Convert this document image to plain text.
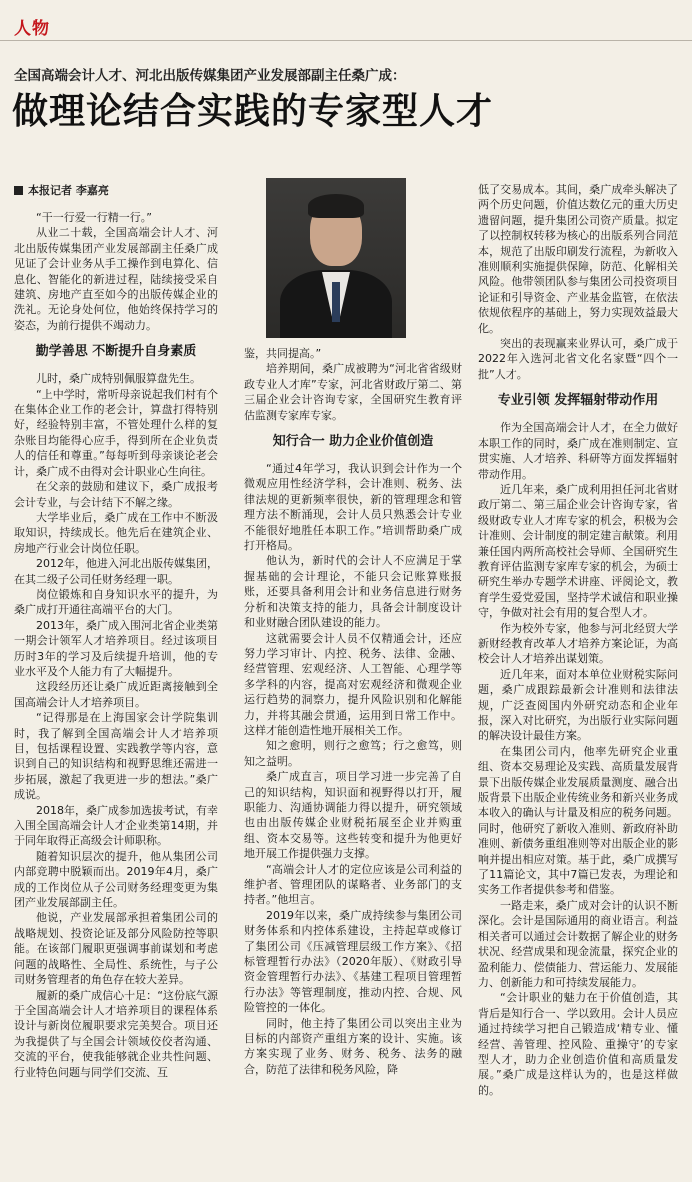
人物
全国高端会计人才、河北出版传媒集团产业发展部副主任桑广成：
做理论结合实践的专家型人才
本报记者 李嘉亮

“干一行爱一行精一行。”

从业二十载，全国高端会计人才、河北出版传媒集团产业发展部副主任桑广成见证了会计业务从手工操作到电算化、信息化、智能化的新进过程，陆续接受采自建筑、房地产直至如今的出版传媒企业的洗礼。无论身处何位，他始终保持学习的姿态，为前行提供不竭动力。

勤学善思 不断提升自身素质

儿时，桑广成特别佩服算盘先生。

“上中学时，常听母亲说起我们村有个在集体企业工作的老会计，算盘打得特别好，经验特别丰富，不管处理什么样的复杂账目均能得心应手，得到所在企业负责人的信任和尊重。”每每听到母亲谈论老会计，桑广成不由得对会计职业心生向往。

在父亲的鼓励和建议下，桑广成报考会计专业，与会计结下不解之缘。

大学毕业后，桑广成在工作中不断汲取知识，持续成长。他先后在建筑企业、房地产行业会计岗位任职。

2012年，他进入河北出版传媒集团，在其二级子公司任财务经理一职。

岗位锻炼和自身知识水平的提升，为桑广成打开通往高端平台的大门。

2013年，桑广成入围河北省企业类第一期会计领军人才培养项目。经过该项目历时3年的学习及后续提升培训，他的专业水平及个人能力有了大幅提升。

这段经历还让桑广成近距离接触到全国高端会计人才培养项目。

“记得那是在上海国家会计学院集训时，我了解到全国高端会计人才培养项目，包括课程设置、实践教学等内容，意识到自己的知识结构和视野思维还需进一步拓展，激起了我更进一步的想法。”桑广成说。

2018年，桑广成参加选拔考试，有幸入围全国高端会计人才企业类第14期，并于同年取得正高级会计师职称。

随着知识层次的提升，他从集团公司内部竞聘中脱颖而出。2019年4月，桑广成的工作岗位从子公司财务经理变更为集团产业发展部副主任。

他说，产业发展部承担着集团公司的战略规划、投资论证及部分风险防控等职能。在该部门履职更强调事前谋划和考虑问题的战略性、全局性、系统性，与子公司财务管理者的角色存在较大差异。

履新的桑广成信心十足：“这份底气源于全国高端会计人才培养项目的课程体系设计与新岗位履职要求完美契合。项目还为我提供了与全国会计领域佼佼者沟通、交流的平台，使我能够就企业共性问题、行业特色问题与同学们交流、互

鉴，共同提高。”

培养期间，桑广成被聘为“河北省省级财政专业人才库”专家，河北省财政厅第二、第三届企业会计咨询专家，全国研究生教育评估监测专家库专家。

知行合一 助力企业价值创造

“通过4年学习，我认识到会计作为一个微观应用性经济学科，会计准则、税务、法律法规的更新频率很快，新的管理理念和管理方法不断涌现，会计人员只熟悉会计专业不能很好地胜任本职工作。”培训帮助桑广成打开格局。

他认为，新时代的会计人不应满足于掌握基础的会计理论，不能只会记账算账报账，还要具备利用会计和业务信息进行财务分析和决策支持的能力，具备会计制度设计和业财融合团队建设的能力。

这就需要会计人员不仅精通会计，还应努力学习审计、内控、税务、法律、金融、经营管理、宏观经济、人工智能、心理学等多学科的内容，提高对宏观经济和微观企业运行趋势的洞察力，提升风险识别和化解能力，并将其融会贯通，运用到日常工作中。这样才能创造性地开展相关工作。

知之愈明，则行之愈笃；行之愈笃，则知之益明。

桑广成直言，项目学习进一步完善了自己的知识结构，知识面和视野得以打开，履职能力、沟通协调能力得以提升，研究领域也由出版传媒企业财税拓展至企业并购重组、资本交易等。这些转变和提升为他更好地开展工作提供强力支撑。

“高端会计人才的定位应该是公司利益的维护者、管理团队的谋略者、业务部门的支持者。”他坦言。

2019年以来，桑广成持续参与集团公司财务体系和内控体系建设，主持起草或修订了集团公司《压减管理层级工作方案》、《招标管理暂行办法》（2020年版）、《财政引导资金管理暂行办法》、《基建工程项目管理暂行办法》等管理制度，推动内控、合规、风险管控的一体化。

同时，他主持了集团公司以突出主业为目标的内部资产重组方案的设计、实施。该方案实现了业务、财务、税务、法务的融合，防范了法律和税务风险，降

低了交易成本。其间，桑广成牵头解决了两个历史问题，价值达数亿元的重大历史遗留问题，提升集团公司资产质量。拟定了以控制权转移为核心的出版系列合同范本，规范了出版印刷发行流程，为新收入准则顺利实施提供保障，防范、化解相关风险。他带领团队参与集团公司投资项目论证和引导资金、产业基金监管，在依法依规依程序的基础上，努力实现效益最大化。

突出的表现赢来业界认可，桑广成于2022年入选河北省文化名家暨“四个一批”人才。

专业引领 发挥辐射带动作用

作为全国高端会计人才，在全力做好本职工作的同时，桑广成在准则制定、宣贯实施、人才培养、科研等方面发挥辐射带动作用。

近几年来，桑广成利用担任河北省财政厅第二、第三届企业会计咨询专家，省级财政专业人才库专家的机会，积极为会计准则、会计制度的制定建言献策。利用兼任国内两所高校社会导师、全国研究生教育评估监测专家库专家的机会，为硕士研究生举办专题学术讲座、评阅论文，教育学生爱党爱国，坚持学术诚信和职业操守，争做对社会有用的复合型人才。

作为校外专家，他参与河北经贸大学新财经教育改革人才培养方案论证，为高校会计人才培养出谋划策。

近几年来，面对本单位业财税实际问题，桑广成跟踪最新会计准则和法律法规，广泛查阅国内外研究动态和企业年报，深入对比研究，为出版行业实际问题的解决设计最佳方案。

在集团公司内，他率先研究企业重组、资本交易理论及实践、高质量发展背景下出版传媒企业发展质量测度、融合出版背景下出版企业传统业务和新兴业务成本收入的确认与计量及相应的税务问题。同时，他研究了新收入准则、新政府补助准则、新债务重组准则等对出版企业的影响并提出相应对策。基于此，桑广成撰写了11篇论文，其中7篇已发表，为理论和实务工作者提供参考和借鉴。

一路走来，桑广成对会计的认识不断深化。会计是国际通用的商业语言。利益相关者可以通过会计数据了解企业的财务状况、经营成果和现金流量，探究企业的盈利能力、偿债能力、营运能力、发展能力、创新能力和可持续发展能力。

“会计职业的魅力在于价值创造，其背后是知行合一、学以致用。会计人员应通过持续学习把自己锻造成‘精专业、懂经营、善管理、控风险、重操守’的专家型人才，助力企业创造价值和高质量发展。”桑广成是这样认为的，也是这样做的。
